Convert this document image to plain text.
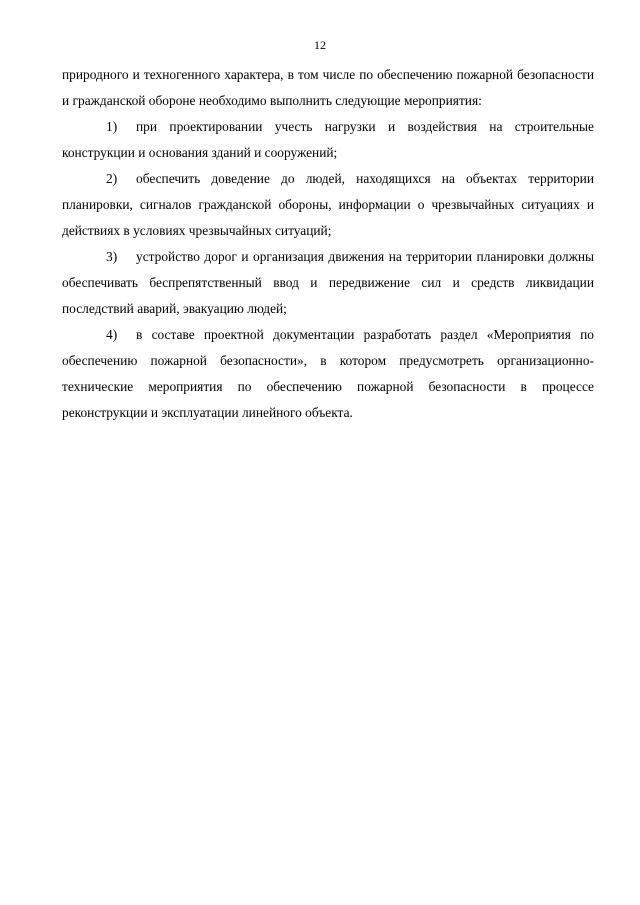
12

природного и техногенного характера, в том числе по обеспечению пожарной безопасности и гражданской обороне необходимо выполнить следующие мероприятия:

1) при проектировании учесть нагрузки и воздействия на строительные конструкции и основания зданий и сооружений;

2) обеспечить доведение до людей, находящихся на объектах территории планировки, сигналов гражданской обороны, информации о чрезвычайных ситуациях и действиях в условиях чрезвычайных ситуаций;

3) устройство дорог и организация движения на территории планировки должны обеспечивать беспрепятственный ввод и передвижение сил и средств ликвидации последствий аварий, эвакуацию людей;

4) в составе проектной документации разработать раздел «Мероприятия по обеспечению пожарной безопасности», в котором предусмотреть организационно-технические мероприятия по обеспечению пожарной безопасности в процессе реконструкции и эксплуатации линейного объекта.
